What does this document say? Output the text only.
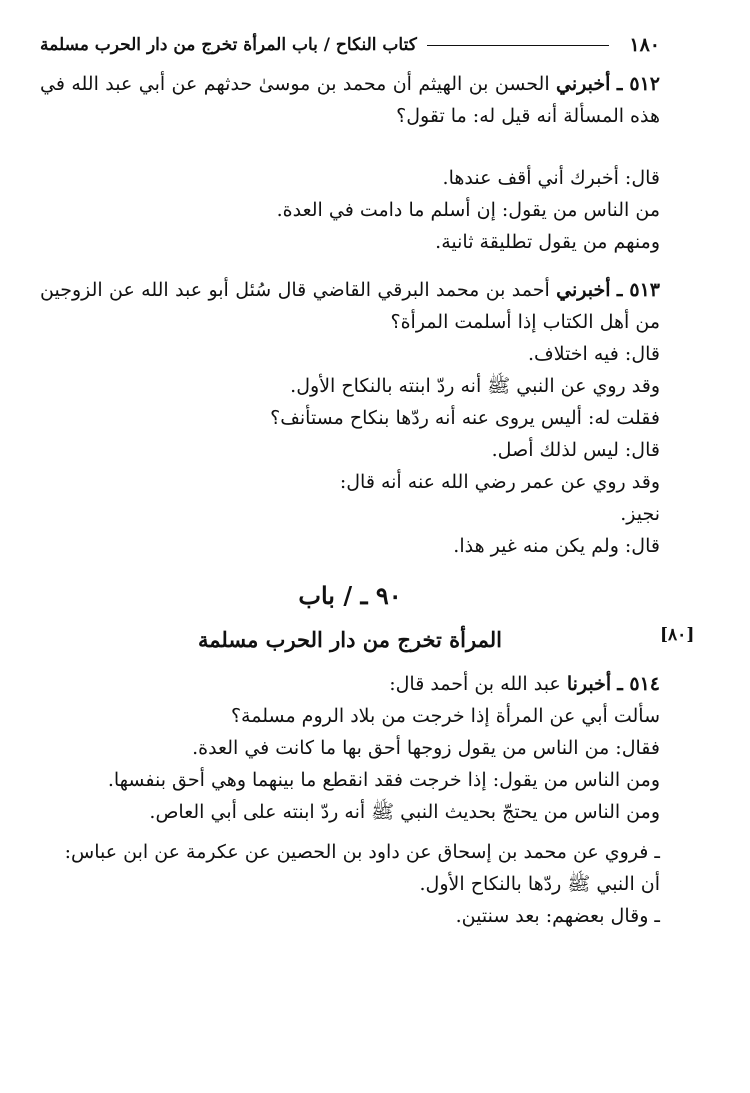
١٨٠
كتاب النكاح / باب المرأة تخرج من دار الحرب مسلمة
[٨٠]

٥١٢ ـ أخبرني الحسن بن الهيثم أن محمد بن موسىٰ حدثهم عن أبي عبد الله في هذه المسألة أنه قيل له: ما تقول؟

قال: أخبرك أني أقف عندها.

من الناس من يقول: إن أسلم ما دامت في العدة.

ومنهم من يقول تطليقة ثانية.

٥١٣ ـ أخبرني أحمد بن محمد البرقي القاضي قال سُئل أبو عبد الله عن الزوجين من أهل الكتاب إذا أسلمت المرأة؟

قال: فيه اختلاف.

وقد روي عن النبي ﷺ أنه ردّ ابنته بالنكاح الأول.

فقلت له: أليس يروى عنه أنه ردّها بنكاح مستأنف؟

قال: ليس لذلك أصل.

وقد روي عن عمر رضي الله عنه أنه قال:

نجيز.

قال: ولم يكن منه غير هذا.

٩٠ ـ / باب
المرأة تخرج من دار الحرب مسلمة

٥١٤ ـ أخبرنا عبد الله بن أحمد قال:

سألت أبي عن المرأة إذا خرجت من بلاد الروم مسلمة؟

فقال: من الناس من يقول زوجها أحق بها ما كانت في العدة.

ومن الناس من يقول: إذا خرجت فقد انقطع ما بينهما وهي أحق بنفسها.

ومن الناس من يحتجّ بحديث النبي ﷺ أنه ردّ ابنته على أبي العاص.

ـ فروي عن محمد بن إسحاق عن داود بن الحصين عن عكرمة عن ابن عباس:

أن النبي ﷺ ردّها بالنكاح الأول.

ـ وقال بعضهم: بعد سنتين.
